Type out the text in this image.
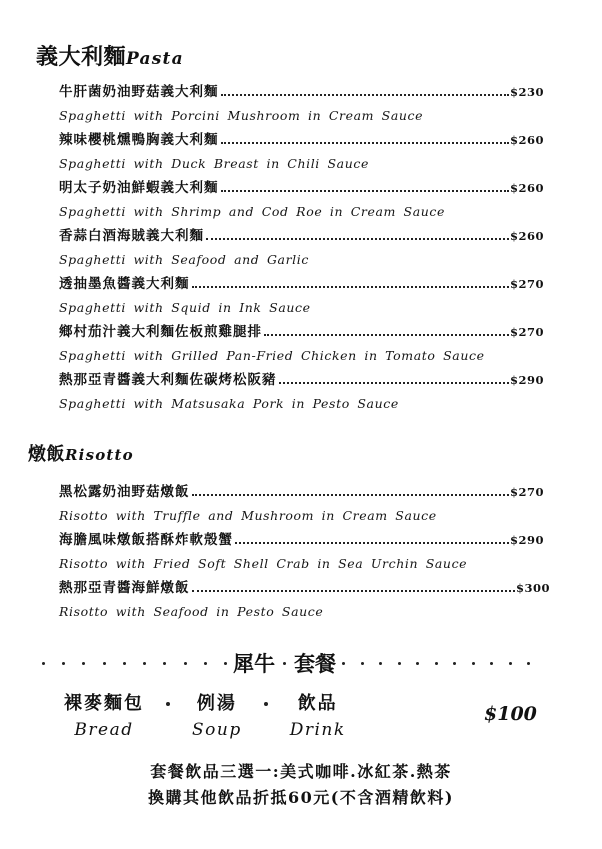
義大利麵Pasta
牛肝菌奶油野菇義大利麵	$230
Spaghetti with Porcini Mushroom in Cream Sauce
辣味櫻桃燻鴨胸義大利麵	$260
Spaghetti with Duck Breast in Chili Sauce
明太子奶油鮮蝦義大利麵	$260
Spaghetti with Shrimp and Cod Roe in Cream Sauce
香蒜白酒海賊義大利麵	$260
Spaghetti with Seafood and Garlic
透抽墨魚醬義大利麵	$270
Spaghetti with Squid in Ink Sauce
鄉村茄汁義大利麵佐板煎雞腿排	$270
Spaghetti with Grilled Pan-Fried Chicken in Tomato Sauce
熱那亞青醬義大利麵佐碳烤松阪豬	$290
Spaghetti with Matsusaka Pork in Pesto Sauce
燉飯Risotto
黑松露奶油野菇燉飯	$270
Risotto with Truffle and Mushroom in Cream Sauce
海膽風味燉飯搭酥炸軟殼蟹	$290
Risotto with Fried Soft Shell Crab in Sea Urchin Sauce
熱那亞青醬海鮮燉飯	$300
Risotto with Seafood in Pesto Sauce
犀牛 套餐
裸麥麵包
Bread
例湯
Soup
飲品
Drink
$100
套餐飲品三選一:美式咖啡.冰紅茶.熱茶
換購其他飲品折抵60元(不含酒精飲料)
